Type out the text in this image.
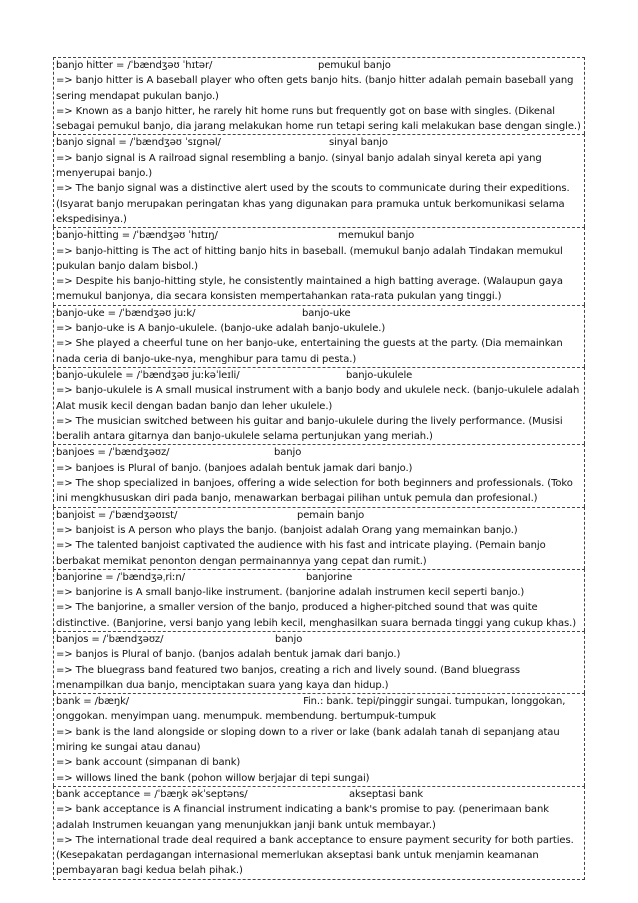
banjo hitter = /ˈbændʒəʊ ˈhɪtər/	pemukul banjo
=> banjo hitter is A baseball player who often gets banjo hits. (banjo hitter adalah pemain baseball yang sering mendapat pukulan banjo.)
=> Known as a banjo hitter, he rarely hit home runs but frequently got on base with singles. (Dikenal sebagai pemukul banjo, dia jarang melakukan home run tetapi sering kali melakukan base dengan single.)
banjo signal = /ˈbændʒəʊ ˈsɪɡnəl/	sinyal banjo
=> banjo signal is A railroad signal resembling a banjo. (sinyal banjo adalah sinyal kereta api yang menyerupai banjo.)
=> The banjo signal was a distinctive alert used by the scouts to communicate during their expeditions. (Isyarat banjo merupakan peringatan khas yang digunakan para pramuka untuk berkomunikasi selama ekspedisinya.)
banjo-hitting = /ˈbændʒəʊ ˈhɪtɪŋ/	memukul banjo
=> banjo-hitting is The act of hitting banjo hits in baseball. (memukul banjo adalah Tindakan memukul pukulan banjo dalam bisbol.)
=> Despite his banjo-hitting style, he consistently maintained a high batting average. (Walaupun gaya memukul banjonya, dia secara konsisten mempertahankan rata-rata pukulan yang tinggi.)
banjo-uke = /ˈbændʒəʊ juːk/	banjo-uke
=> banjo-uke is A banjo-ukulele. (banjo-uke adalah banjo-ukulele.)
=> She played a cheerful tune on her banjo-uke, entertaining the guests at the party. (Dia memainkan nada ceria di banjo-uke-nya, menghibur para tamu di pesta.)
banjo-ukulele = /ˈbændʒəʊ juːkəˈleɪli/	banjo-ukulele
=> banjo-ukulele is A small musical instrument with a banjo body and ukulele neck. (banjo-ukulele adalah Alat musik kecil dengan badan banjo dan leher ukulele.)
=> The musician switched between his guitar and banjo-ukulele during the lively performance. (Musisi beralih antara gitarnya dan banjo-ukulele selama pertunjukan yang meriah.)
banjoes = /ˈbændʒəʊz/	banjo
=> banjoes is Plural of banjo. (banjoes adalah bentuk jamak dari banjo.)
=> The shop specialized in banjoes, offering a wide selection for both beginners and professionals. (Toko ini mengkhususkan diri pada banjo, menawarkan berbagai pilihan untuk pemula dan profesional.)
banjoist = /ˈbændʒəʊɪst/	pemain banjo
=> banjoist is A person who plays the banjo. (banjoist adalah Orang yang memainkan banjo.)
=> The talented banjoist captivated the audience with his fast and intricate playing. (Pemain banjo berbakat memikat penonton dengan permainannya yang cepat dan rumit.)
banjorine = /ˈbændʒəˌriːn/	banjorine
=> banjorine is A small banjo-like instrument. (banjorine adalah instrumen kecil seperti banjo.)
=> The banjorine, a smaller version of the banjo, produced a higher-pitched sound that was quite distinctive. (Banjorine, versi banjo yang lebih kecil, menghasilkan suara bernada tinggi yang cukup khas.)
banjos = /ˈbændʒəʊz/	banjo
=> banjos is Plural of banjo. (banjos adalah bentuk jamak dari banjo.)
=> The bluegrass band featured two banjos, creating a rich and lively sound. (Band bluegrass menampilkan dua banjo, menciptakan suara yang kaya dan hidup.)
bank = /bæŋk/	Fin.: bank. tepi/pinggir sungai. tumpukan, longgokan, onggokan. menyimpan uang. menumpuk. membendung. bertumpuk-tumpuk
=> bank is the land alongside or sloping down to a river or lake (bank adalah tanah di sepanjang atau miring ke sungai atau danau)
=> bank account (simpanan di bank)
=> willows lined the bank (pohon willow berjajar di tepi sungai)
bank acceptance = /ˈbæŋk əkˈseptəns/	akseptasi bank
=> bank acceptance is A financial instrument indicating a bank's promise to pay. (penerimaan bank adalah Instrumen keuangan yang menunjukkan janji bank untuk membayar.)
=> The international trade deal required a bank acceptance to ensure payment security for both parties. (Kesepakatan perdagangan internasional memerlukan akseptasi bank untuk menjamin keamanan pembayaran bagi kedua belah pihak.)
